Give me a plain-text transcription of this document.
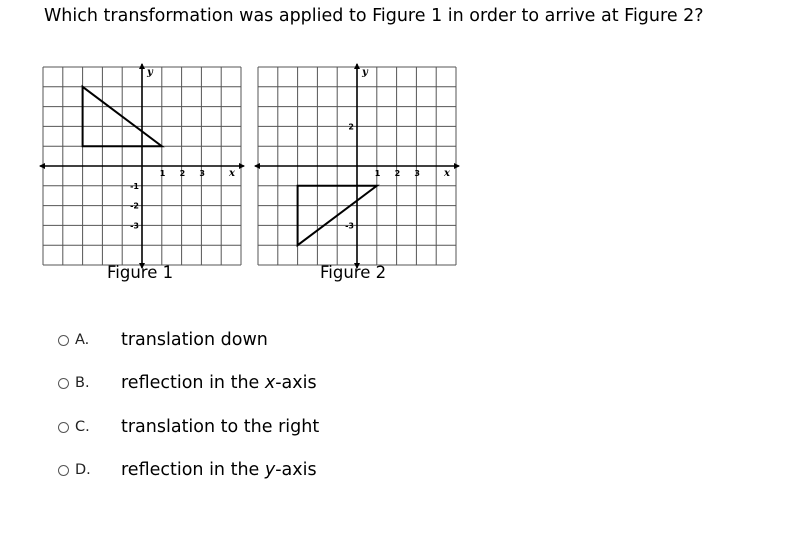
Which transformation was applied to Figure 1 in order to arrive at Figure 2?
1 2 3
-1
-2
-3
x
y
1 2 3
2
-3
x
y
Figure 1	Figure 2
A.	translation down
B.	reflection in the x-axis
C.	translation to the right
D.	reflection in the y-axis
